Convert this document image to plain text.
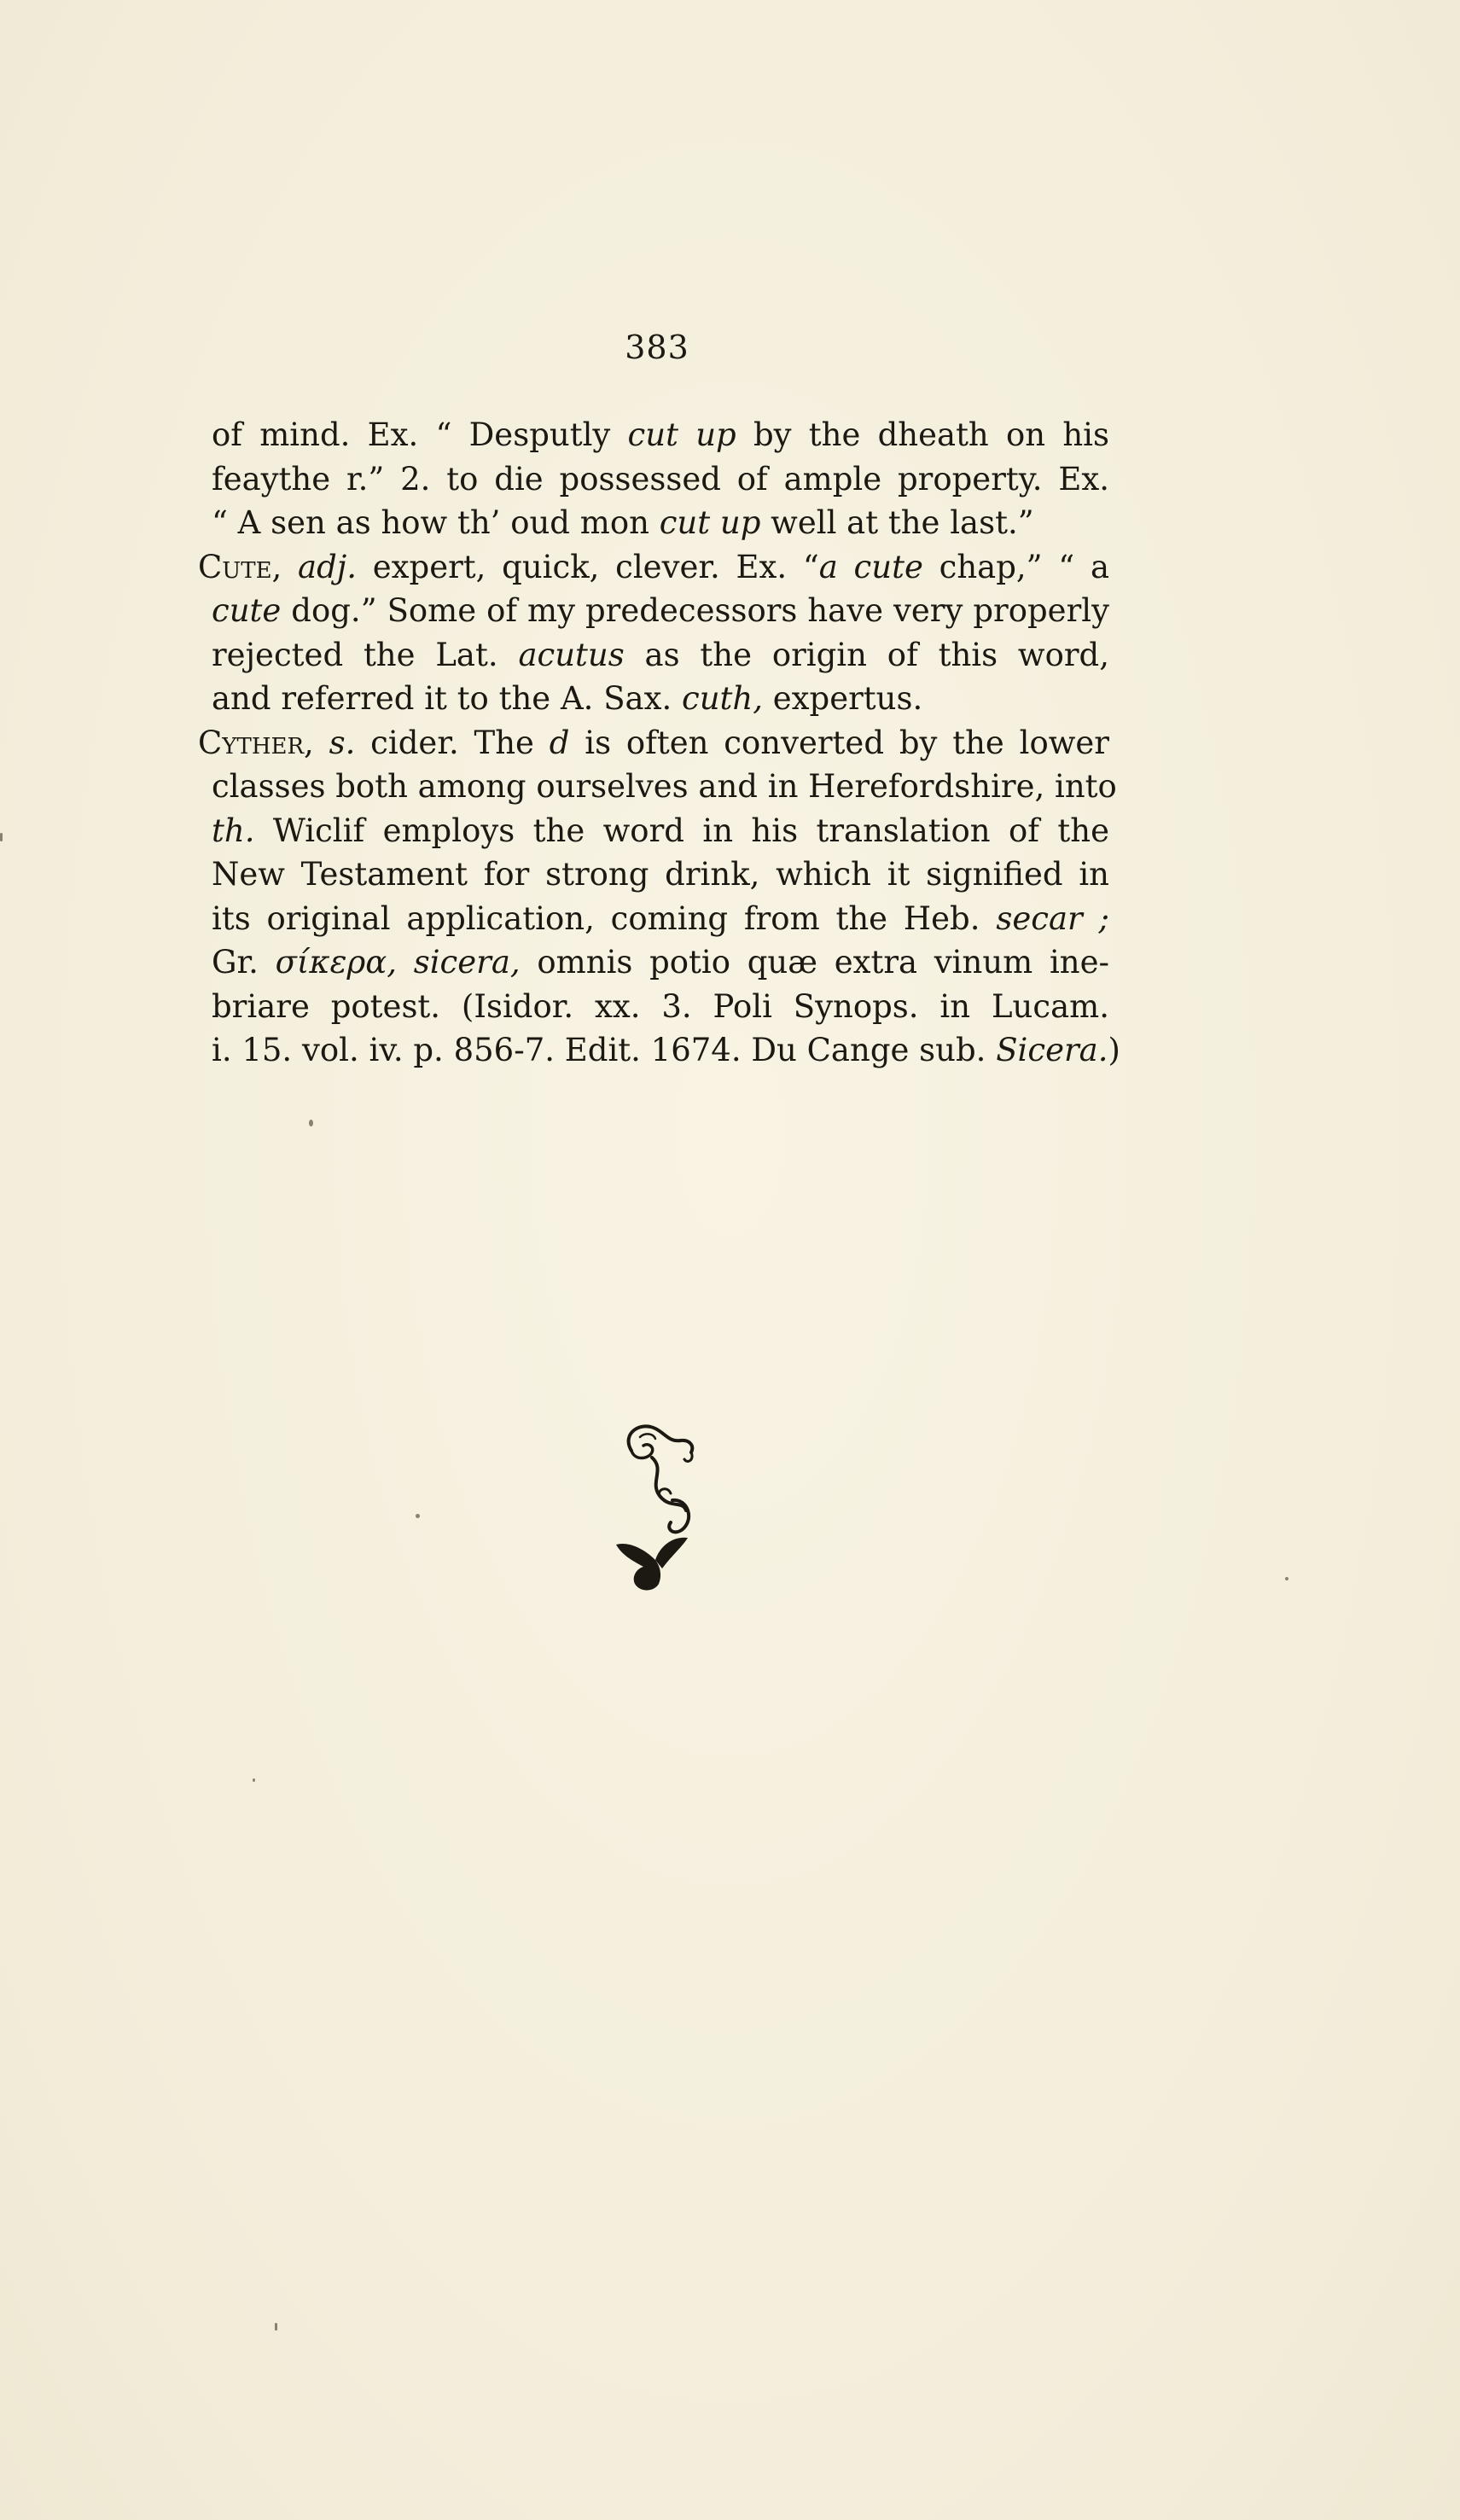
383
of mind. Ex. “ Desputly cut up by the dheath on his
feaythe r.” 2. to die possessed of ample property. Ex.
“ A sen as how th’ oud mon cut up well at the last.”
Cute, adj. expert, quick, clever. Ex. “a cute chap,” “ a
cute dog.” Some of my predecessors have very properly
rejected the Lat. acutus as the origin of this word,
and referred it to the A. Sax. cuth, expertus.
Cyther, s. cider. The d is often converted by the lower
classes both among ourselves and in Herefordshire, into
th. Wiclif employs the word in his translation of the
New Testament for strong drink, which it signified in
its original application, coming from the Heb. secar ;
Gr. σίκερα, sicera, omnis potio quæ extra vinum ine-
briare potest. (Isidor. xx. 3. Poli Synops. in Lucam.
i. 15. vol. iv. p. 856-7. Edit. 1674. Du Cange sub. Sicera.)
